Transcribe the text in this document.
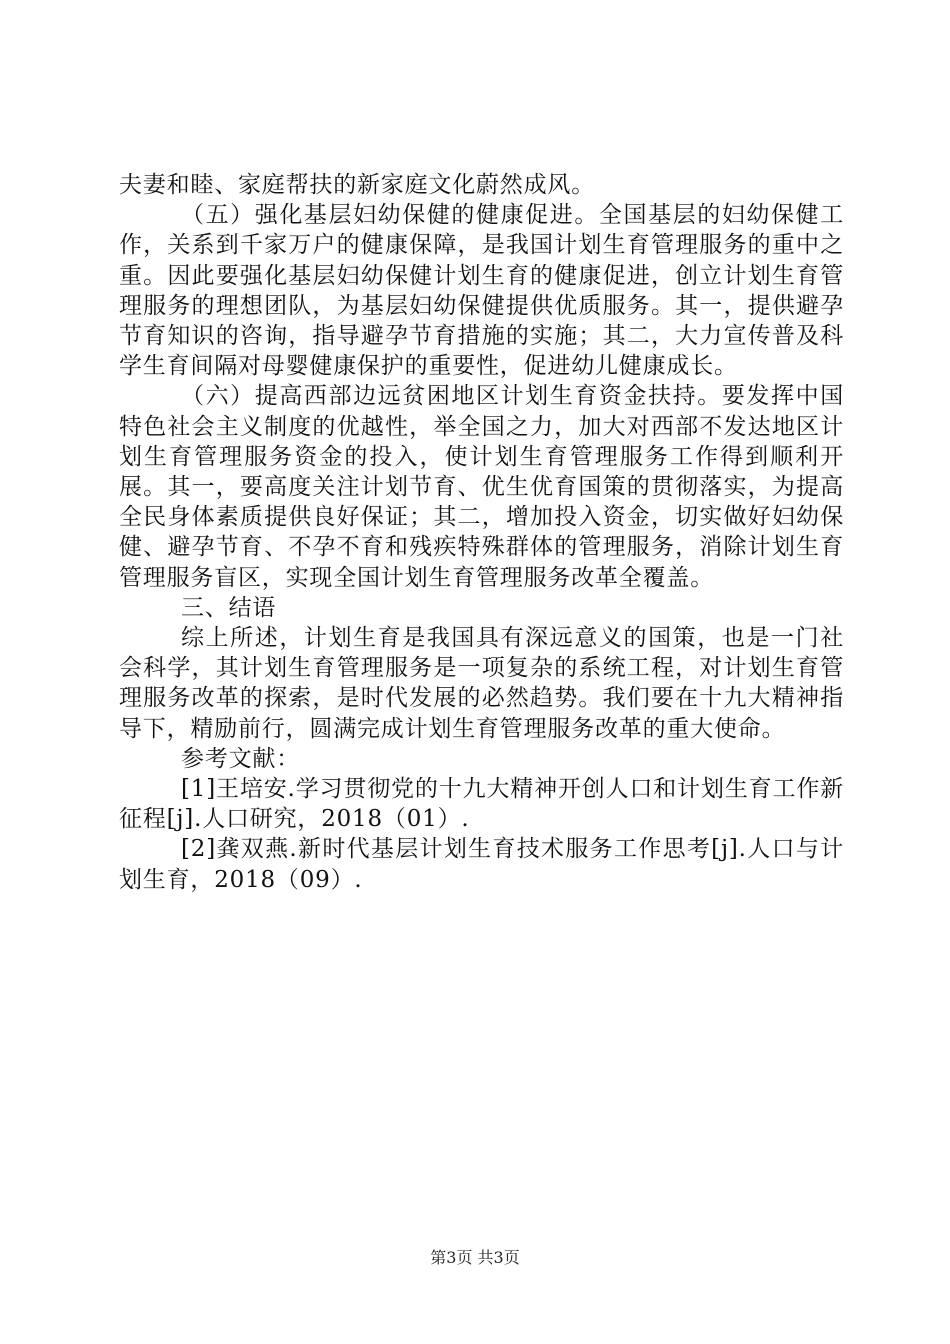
夫妻和睦、家庭帮扶的新家庭文化蔚然成风。

（五）强化基层妇幼保健的健康促进。全国基层的妇幼保健工作，关系到千家万户的健康保障，是我国计划生育管理服务的重中之重。因此要强化基层妇幼保健计划生育的健康促进，创立计划生育管理服务的理想团队，为基层妇幼保健提供优质服务。其一，提供避孕节育知识的咨询，指导避孕节育措施的实施；其二，大力宣传普及科学生育间隔对母婴健康保护的重要性，促进幼儿健康成长。

（六）提高西部边远贫困地区计划生育资金扶持。要发挥中国特色社会主义制度的优越性，举全国之力，加大对西部不发达地区计划生育管理服务资金的投入，使计划生育管理服务工作得到顺利开展。其一，要高度关注计划节育、优生优育国策的贯彻落实，为提高全民身体素质提供良好保证；其二，增加投入资金，切实做好妇幼保健、避孕节育、不孕不育和残疾特殊群体的管理服务，消除计划生育管理服务盲区，实现全国计划生育管理服务改革全覆盖。

三、结语

综上所述，计划生育是我国具有深远意义的国策，也是一门社会科学，其计划生育管理服务是一项复杂的系统工程，对计划生育管理服务改革的探索，是时代发展的必然趋势。我们要在十九大精神指导下，精励前行，圆满完成计划生育管理服务改革的重大使命。

参考文献：

[1]王培安.学习贯彻党的十九大精神开创人口和计划生育工作新征程[j].人口研究，2018（01）.

[2]龚双燕.新时代基层计划生育技术服务工作思考[j].人口与计划生育，2018（09）.

第3页 共3页
